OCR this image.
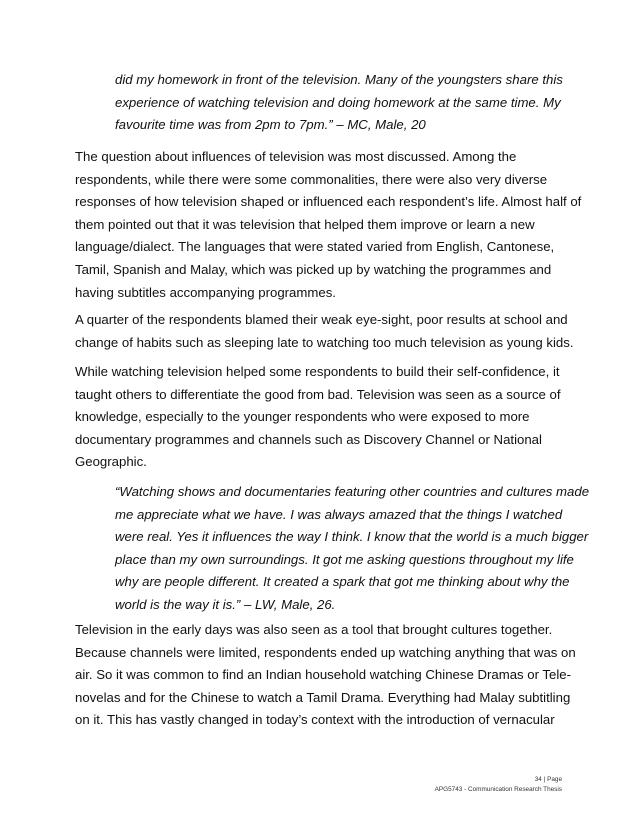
did my homework in front of the television. Many of the youngsters share this
experience of watching television and doing homework at the same time. My
favourite time was from 2pm to 7pm.” – MC, Male, 20

The question about influences of television was most discussed. Among the
respondents, while there were some commonalities, there were also very diverse
responses of how television shaped or influenced each respondent’s life. Almost half of
them pointed out that it was television that helped them improve or learn a new
language/dialect. The languages that were stated varied from English, Cantonese,
Tamil, Spanish and Malay, which was picked up by watching the programmes and
having subtitles accompanying programmes.

A quarter of the respondents blamed their weak eye-sight, poor results at school and
change of habits such as sleeping late to watching too much television as young kids.

While watching television helped some respondents to build their self-confidence, it
taught others to differentiate the good from bad. Television was seen as a source of
knowledge, especially to the younger respondents who were exposed to more
documentary programmes and channels such as Discovery Channel or National
Geographic.

“Watching shows and documentaries featuring other countries and cultures made
me appreciate what we have. I was always amazed that the things I watched
were real. Yes it influences the way I think. I know that the world is a much bigger
place than my own surroundings. It got me asking questions throughout my life
why are people different. It created a spark that got me thinking about why the
world is the way it is.” – LW, Male, 26.

Television in the early days was also seen as a tool that brought cultures together.
Because channels were limited, respondents ended up watching anything that was on
air. So it was common to find an Indian household watching Chinese Dramas or Tele-
novelas and for the Chinese to watch a Tamil Drama. Everything had Malay subtitling
on it. This has vastly changed in today’s context with the introduction of vernacular

34 | Page
APG5743 - Communication Research Thesis
